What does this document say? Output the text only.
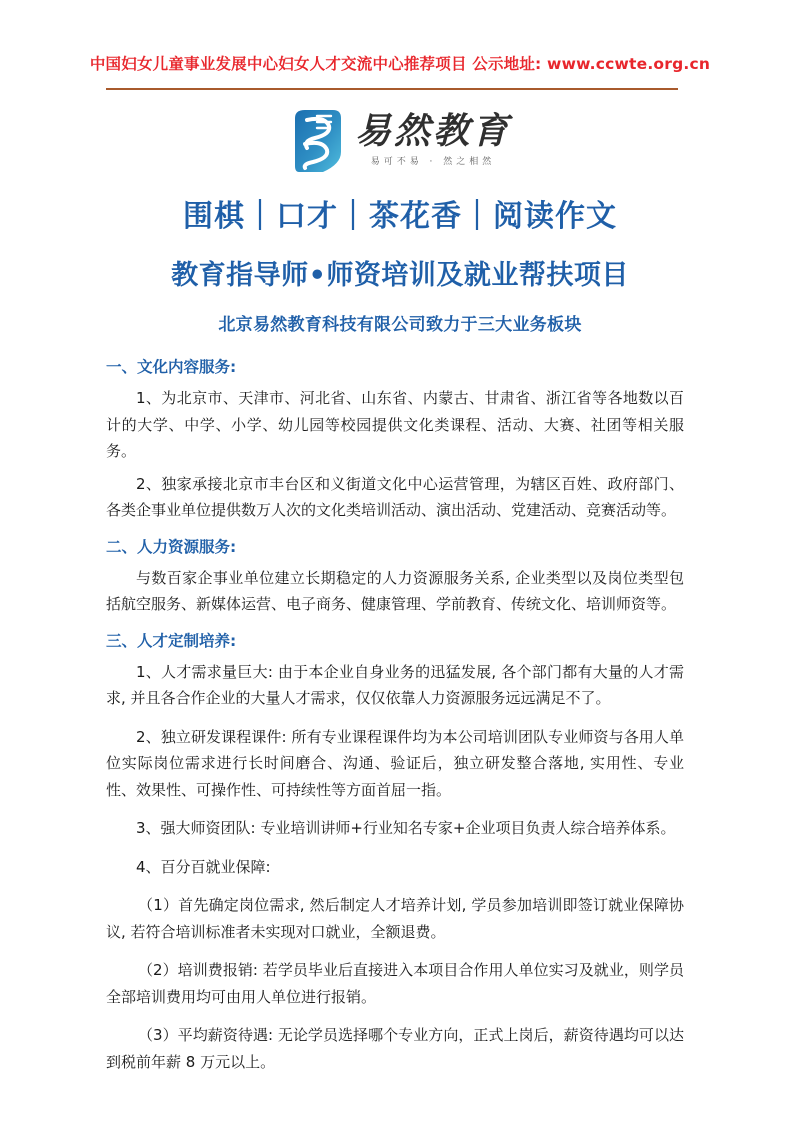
中国妇女儿童事业发展中心妇女人才交流中心推荐项目 公示地址: www.ccwte.org.cn
易然教育
易可不易 · 然之相然
围棋｜口才｜茶花香｜阅读作文
教育指导师•师资培训及就业帮扶项目
北京易然教育科技有限公司致力于三大业务板块
一、文化内容服务:

1、为北京市、天津市、河北省、山东省、内蒙古、甘肃省、浙江省等各地数以百计的大学、中学、小学、幼儿园等校园提供文化类课程、活动、大赛、社团等相关服务。

2、独家承接北京市丰台区和义街道文化中心运营管理，为辖区百姓、政府部门、各类企事业单位提供数万人次的文化类培训活动、演出活动、党建活动、竞赛活动等。

二、人力资源服务:

与数百家企事业单位建立长期稳定的人力资源服务关系, 企业类型以及岗位类型包括航空服务、新媒体运营、电子商务、健康管理、学前教育、传统文化、培训师资等。

三、人才定制培养:

1、人才需求量巨大: 由于本企业自身业务的迅猛发展, 各个部门都有大量的人才需求, 并且各合作企业的大量人才需求，仅仅依靠人力资源服务远远满足不了。

2、独立研发课程课件: 所有专业课程课件均为本公司培训团队专业师资与各用人单位实际岗位需求进行长时间磨合、沟通、验证后，独立研发整合落地, 实用性、专业性、效果性、可操作性、可持续性等方面首屈一指。

3、强大师资团队: 专业培训讲师+行业知名专家+企业项目负责人综合培养体系。

4、百分百就业保障:

（1）首先确定岗位需求, 然后制定人才培养计划, 学员参加培训即签订就业保障协议, 若符合培训标准者未实现对口就业，全额退费。

（2）培训费报销: 若学员毕业后直接进入本项目合作用人单位实习及就业，则学员全部培训费用均可由用人单位进行报销。

（3）平均薪资待遇: 无论学员选择哪个专业方向，正式上岗后，薪资待遇均可以达到税前年薪 8 万元以上。
